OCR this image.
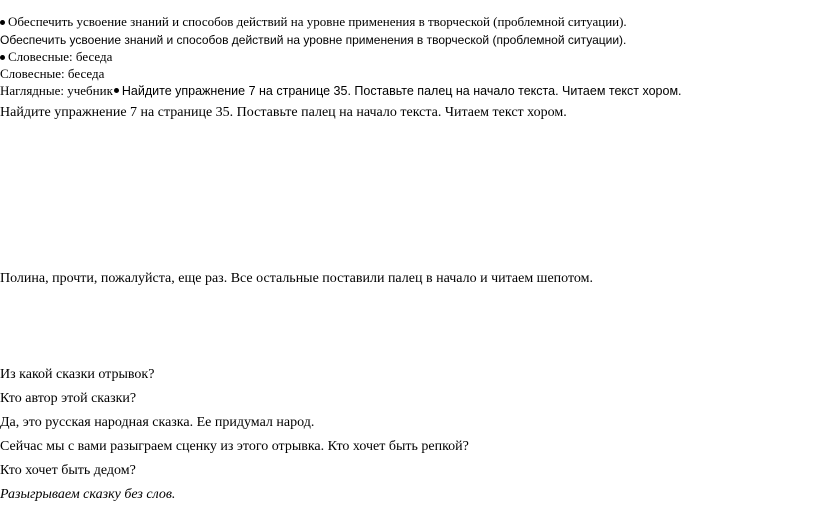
Обеспечить усвоение знаний и способов действий на уровне применения в творческой (проблемной ситуации).
Обеспечить усвоение знаний и способов действий на уровне применения в творческой (проблемной ситуации).
Словесные: беседа
Словесные: беседа
Наглядные: учебник Найдите упражнение 7 на странице 35. Поставьте палец на начало текста. Читаем текст хором.
Найдите упражнение 7 на странице 35. Поставьте палец на начало текста. Читаем текст хором.
Полина, прочти, пожалуйста, еще раз. Все остальные поставили палец в начало и читаем шепотом.
Из какой сказки отрывок?
Кто автор этой сказки?
Да, это русская народная сказка. Ее придумал народ.
Сейчас мы с вами разыграем сценку из этого отрывка. Кто хочет быть репкой?
Кто хочет быть дедом?
Разыгрываем сказку без слов.
